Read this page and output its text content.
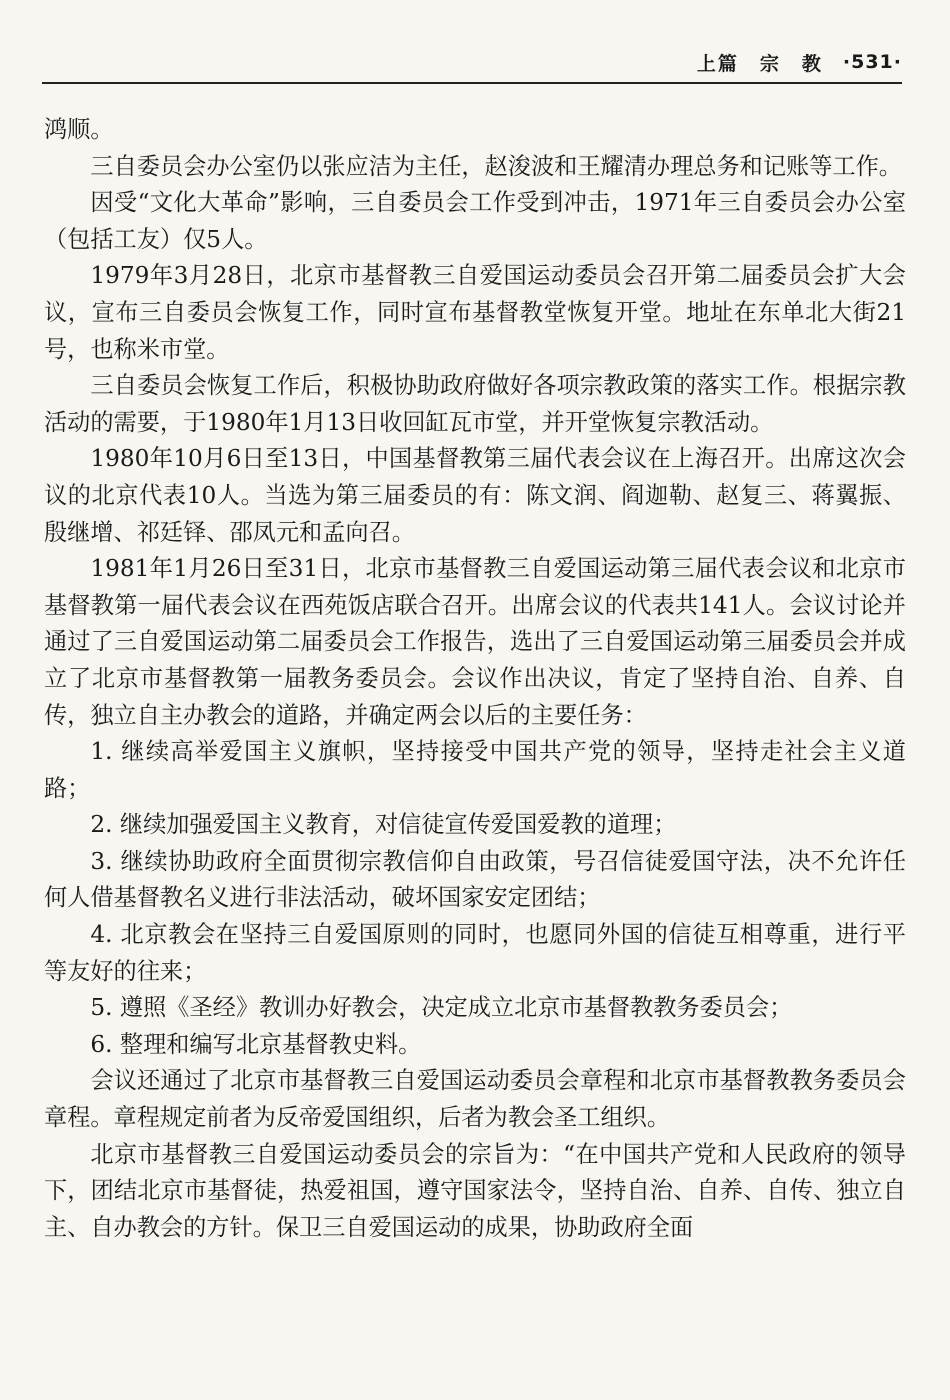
上篇　宗　教 ·531·

鸿顺。

三自委员会办公室仍以张应洁为主任，赵浚波和王耀清办理总务和记账等工作。

因受“文化大革命”影响，三自委员会工作受到冲击，1971年三自委员会办公室（包括工友）仅5人。

1979年3月28日，北京市基督教三自爱国运动委员会召开第二届委员会扩大会议，宣布三自委员会恢复工作，同时宣布基督教堂恢复开堂。地址在东单北大街21号，也称米市堂。

三自委员会恢复工作后，积极协助政府做好各项宗教政策的落实工作。根据宗教活动的需要，于1980年1月13日收回缸瓦市堂，并开堂恢复宗教活动。

1980年10月6日至13日，中国基督教第三届代表会议在上海召开。出席这次会议的北京代表10人。当选为第三届委员的有：陈文润、阎迦勒、赵复三、蒋翼振、殷继增、祁廷铎、邵凤元和孟向召。

1981年1月26日至31日，北京市基督教三自爱国运动第三届代表会议和北京市基督教第一届代表会议在西苑饭店联合召开。出席会议的代表共141人。会议讨论并通过了三自爱国运动第二届委员会工作报告，选出了三自爱国运动第三届委员会并成立了北京市基督教第一届教务委员会。会议作出决议，肯定了坚持自治、自养、自传，独立自主办教会的道路，并确定两会以后的主要任务：

1. 继续高举爱国主义旗帜，坚持接受中国共产党的领导，坚持走社会主义道路；

2. 继续加强爱国主义教育，对信徒宣传爱国爱教的道理；

3. 继续协助政府全面贯彻宗教信仰自由政策，号召信徒爱国守法，决不允许任何人借基督教名义进行非法活动，破坏国家安定团结；

4. 北京教会在坚持三自爱国原则的同时，也愿同外国的信徒互相尊重，进行平等友好的往来；

5. 遵照《圣经》教训办好教会，决定成立北京市基督教教务委员会；

6. 整理和编写北京基督教史料。

会议还通过了北京市基督教三自爱国运动委员会章程和北京市基督教教务委员会章程。章程规定前者为反帝爱国组织，后者为教会圣工组织。

北京市基督教三自爱国运动委员会的宗旨为：“在中国共产党和人民政府的领导下，团结北京市基督徒，热爱祖国，遵守国家法令，坚持自治、自养、自传、独立自主、自办教会的方针。保卫三自爱国运动的成果，协助政府全面
